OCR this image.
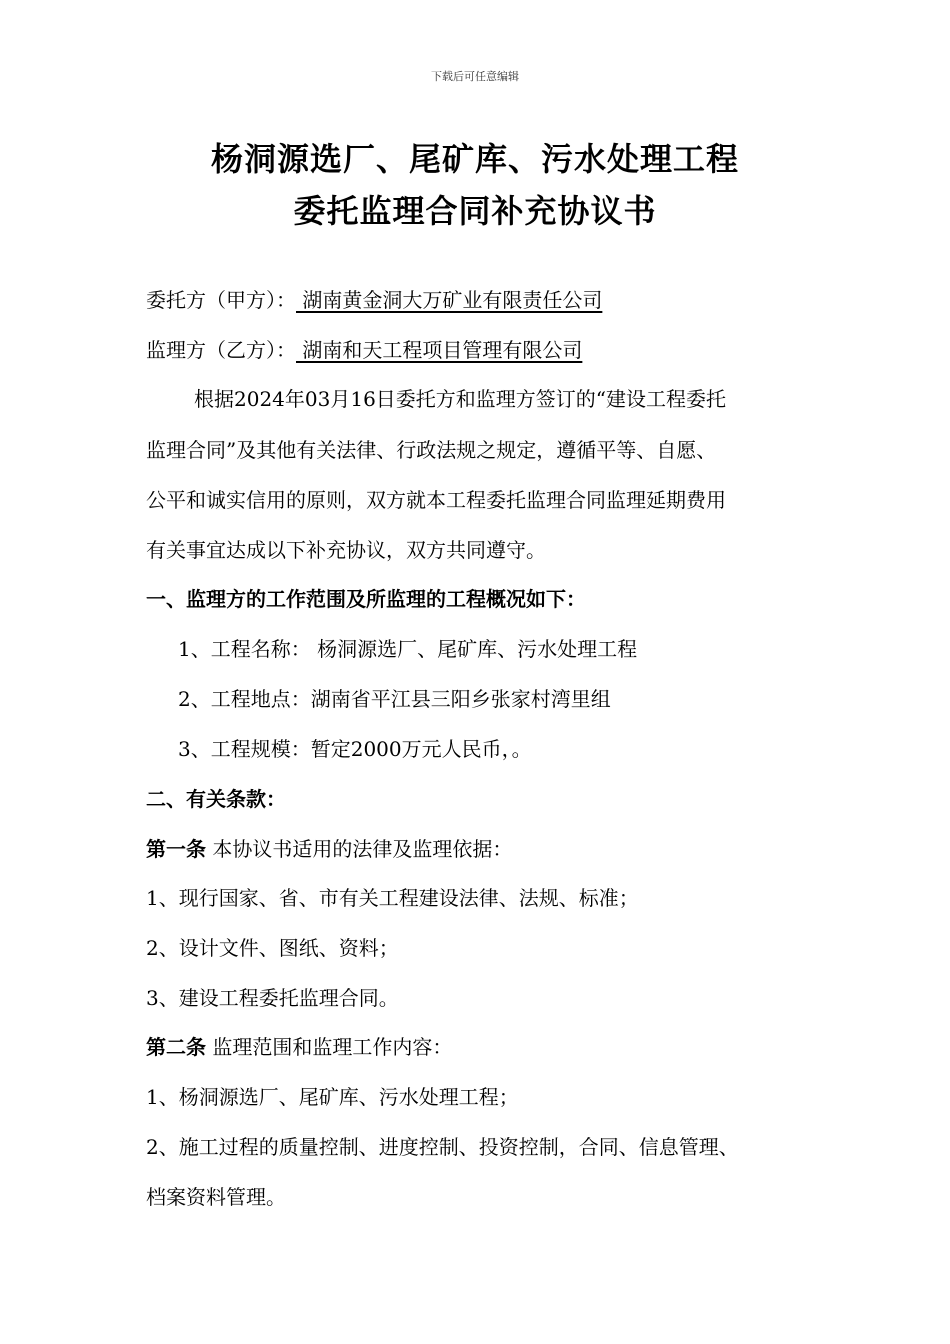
下载后可任意编辑
杨洞源选厂、尾矿库、污水处理工程
委托监理合同补充协议书
委托方（甲方）： 湖南黄金洞大万矿业有限责任公司
监理方（乙方）： 湖南和天工程项目管理有限公司
根据2024年03月16日委托方和监理方签订的“建设工程委托
监理合同”及其他有关法律、行政法规之规定，遵循平等、自愿、
公平和诚实信用的原则，双方就本工程委托监理合同监理延期费用
有关事宜达成以下补充协议，双方共同遵守。
一、监理方的工作范围及所监理的工程概况如下：
1、工程名称： 杨洞源选厂、尾矿库、污水处理工程
2、工程地点：湖南省平江县三阳乡张家村湾里组
3、工程规模：暂定2000万元人民币，。
二、有关条款：
第一条 本协议书适用的法律及监理依据：
1、现行国家、省、市有关工程建设法律、法规、标准；
2、设计文件、图纸、资料；
3、建设工程委托监理合同。
第二条 监理范围和监理工作内容：
1、杨洞源选厂、尾矿库、污水处理工程；
2、施工过程的质量控制、进度控制、投资控制，合同、信息管理、
档案资料管理。
